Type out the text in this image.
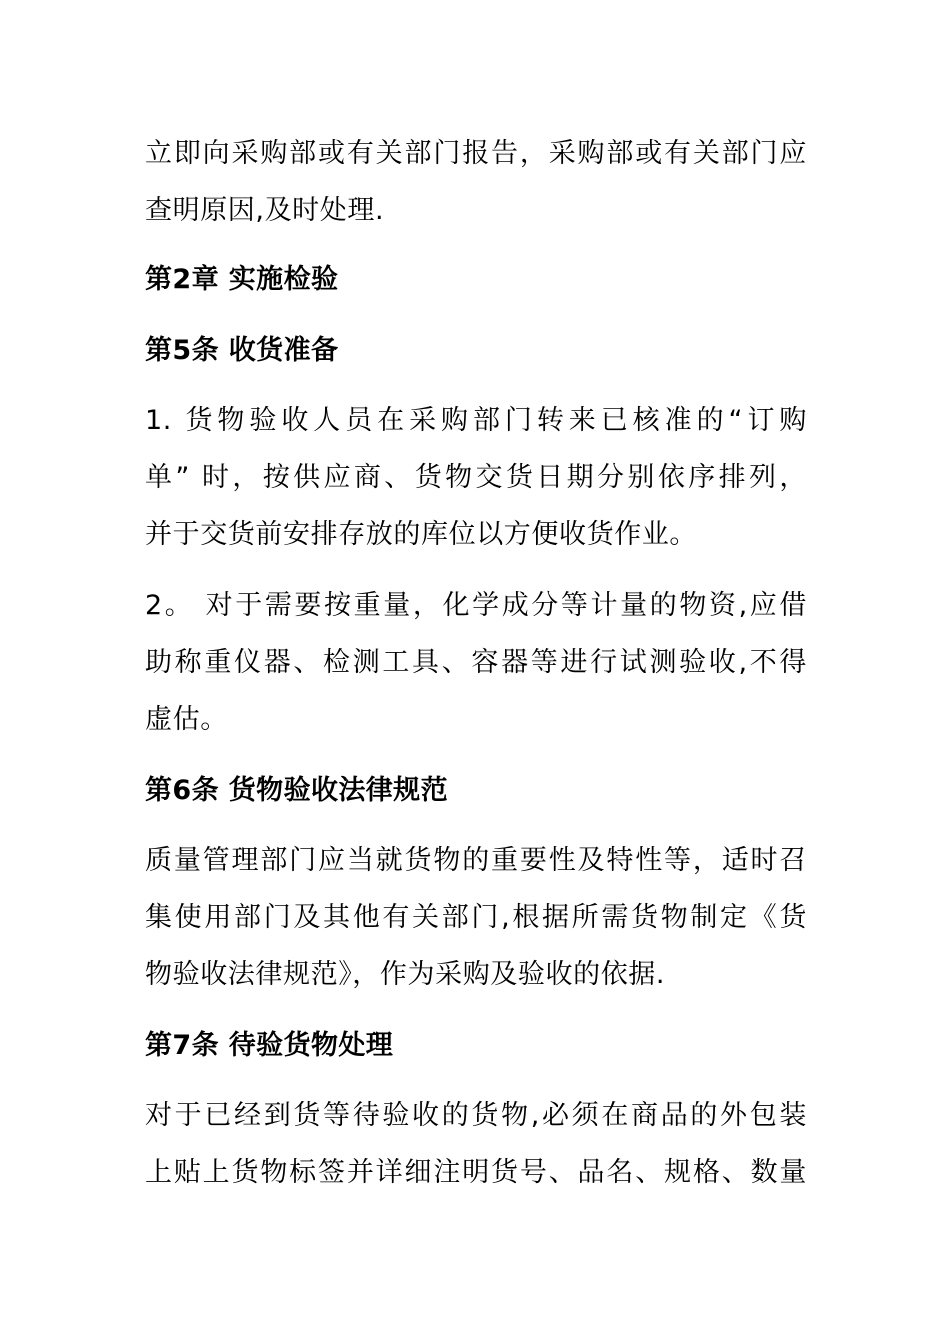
立即向采购部或有关部门报告，采购部或有关部门应
查明原因,及时处理.
第2章 实施检验
第5条 收货准备
1. 货物验收人员在采购部门转来已核准的“订购
单” 时，按供应商、货物交货日期分别依序排列，
并于交货前安排存放的库位以方便收货作业。
2。 对于需要按重量，化学成分等计量的物资,应借
助称重仪器、检测工具、容器等进行试测验收,不得
虚估。
第6条 货物验收法律规范
质量管理部门应当就货物的重要性及特性等，适时召
集使用部门及其他有关部门,根据所需货物制定《货
物验收法律规范》，作为采购及验收的依据.
第7条 待验货物处理
对于已经到货等待验收的货物,必须在商品的外包装
上贴上货物标签并详细注明货号、品名、规格、数量
